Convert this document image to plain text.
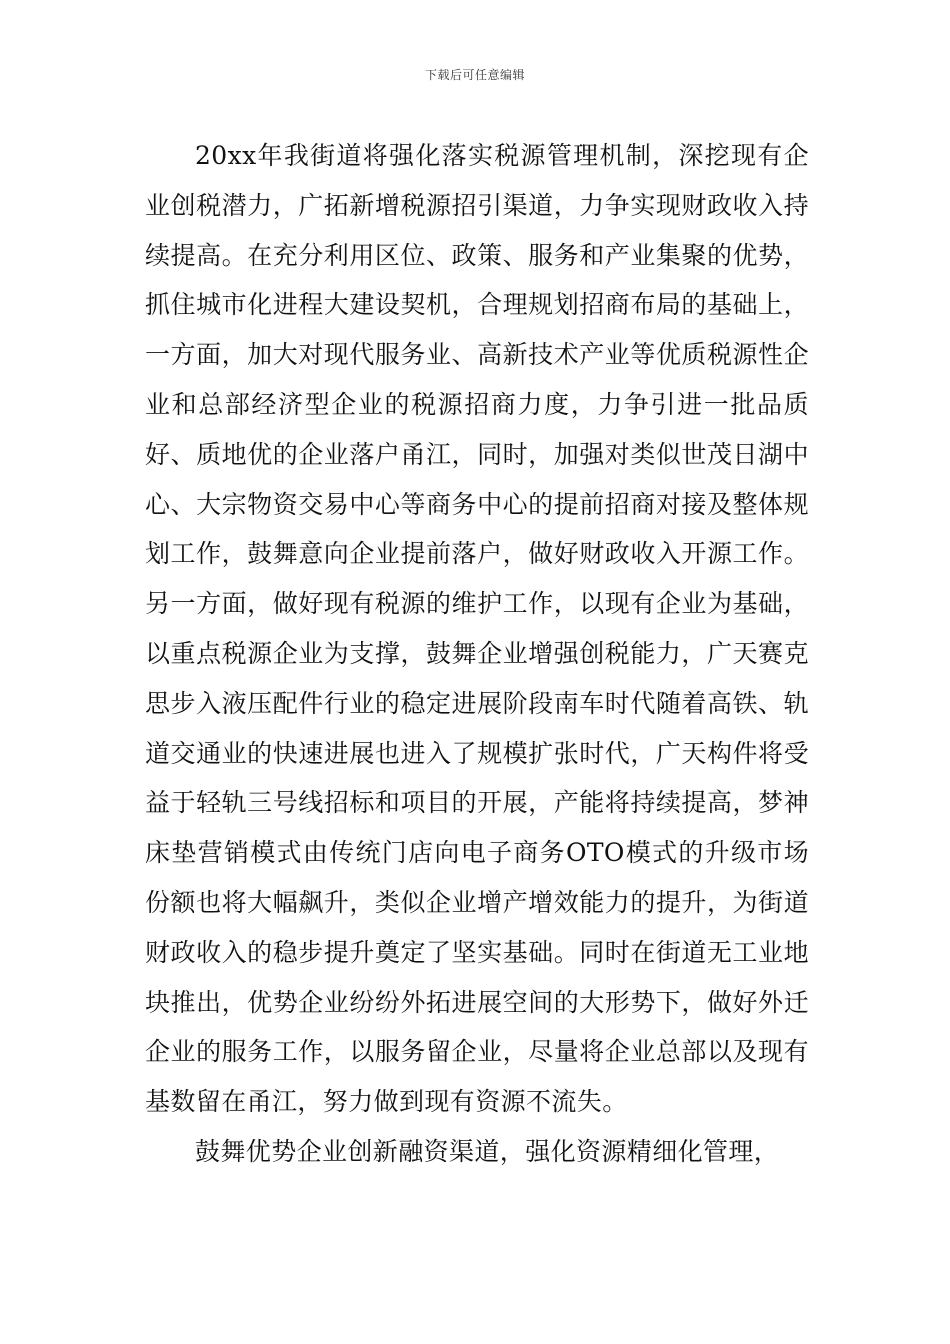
下载后可任意编辑

20xx年我街道将强化落实税源管理机制，深挖现有企业创税潜力，广拓新增税源招引渠道，力争实现财政收入持续提高。在充分利用区位、政策、服务和产业集聚的优势，抓住城市化进程大建设契机，合理规划招商布局的基础上，一方面，加大对现代服务业、高新技术产业等优质税源性企业和总部经济型企业的税源招商力度，力争引进一批品质好、质地优的企业落户甬江，同时，加强对类似世茂日湖中心、大宗物资交易中心等商务中心的提前招商对接及整体规划工作，鼓舞意向企业提前落户，做好财政收入开源工作。另一方面，做好现有税源的维护工作，以现有企业为基础，以重点税源企业为支撑，鼓舞企业增强创税能力，广天赛克思步入液压配件行业的稳定进展阶段南车时代随着高铁、轨道交通业的快速进展也进入了规模扩张时代，广天构件将受益于轻轨三号线招标和项目的开展，产能将持续提高，梦神床垫营销模式由传统门店向电子商务OTO模式的升级市场份额也将大幅飙升，类似企业增产增效能力的提升，为街道财政收入的稳步提升奠定了坚实基础。同时在街道无工业地块推出，优势企业纷纷外拓进展空间的大形势下，做好外迁企业的服务工作，以服务留企业，尽量将企业总部以及现有基数留在甬江，努力做到现有资源不流失。

鼓舞优势企业创新融资渠道，强化资源精细化管理，
